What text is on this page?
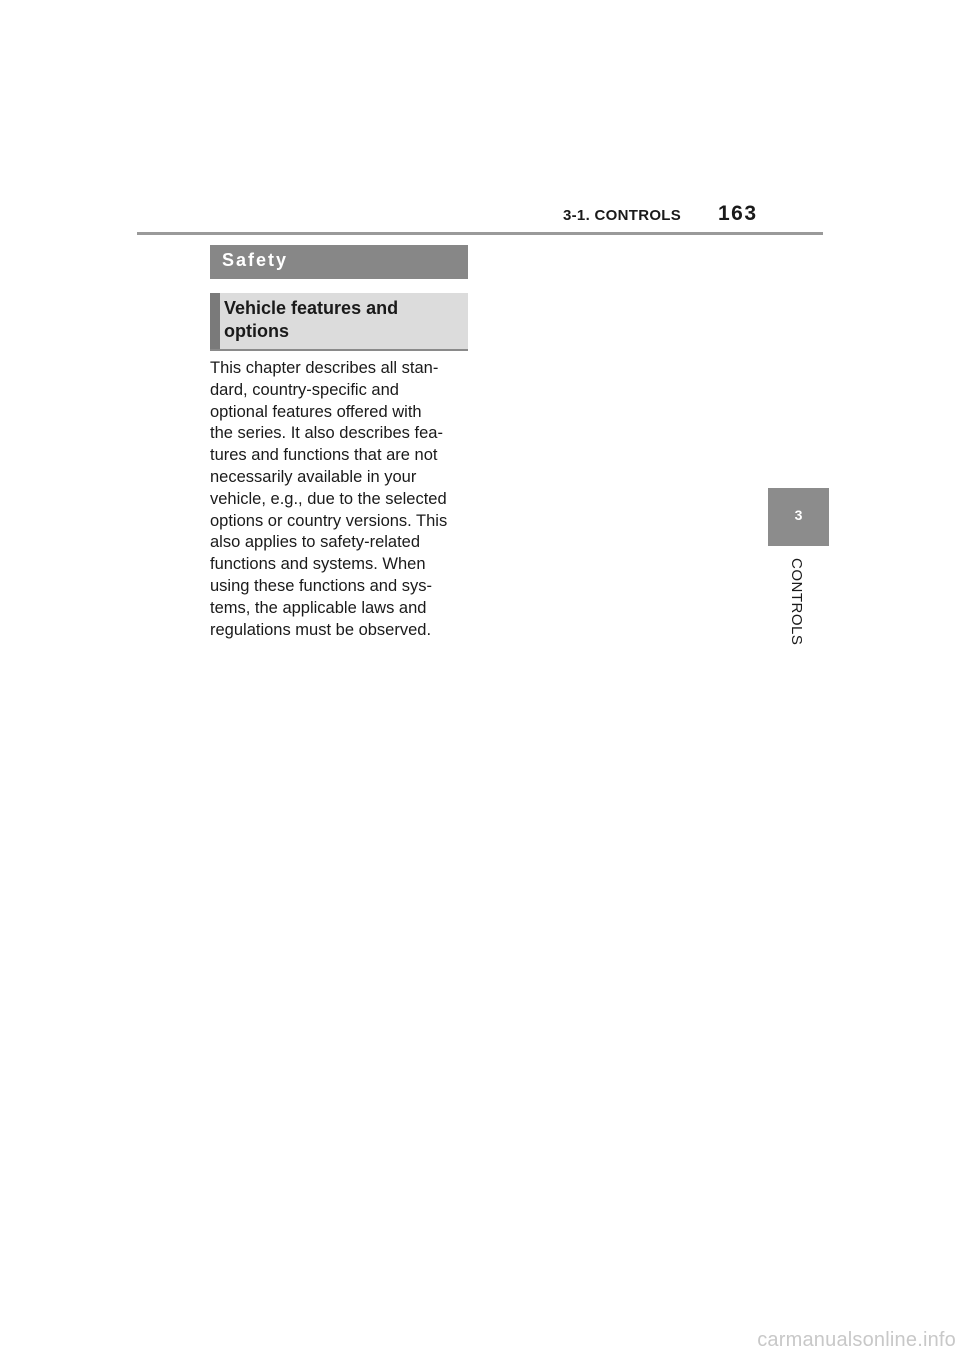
3-1. CONTROLS 163
Safety
Vehicle features and options
This chapter describes all stan-
dard, country-specific and
optional features offered with
the series. It also describes fea-
tures and functions that are not
necessarily available in your
vehicle, e.g., due to the selected
options or country versions. This
also applies to safety-related
functions and systems. When
using these functions and sys-
tems, the applicable laws and
regulations must be observed.
3
CONTROLS
carmanualsonline.info
